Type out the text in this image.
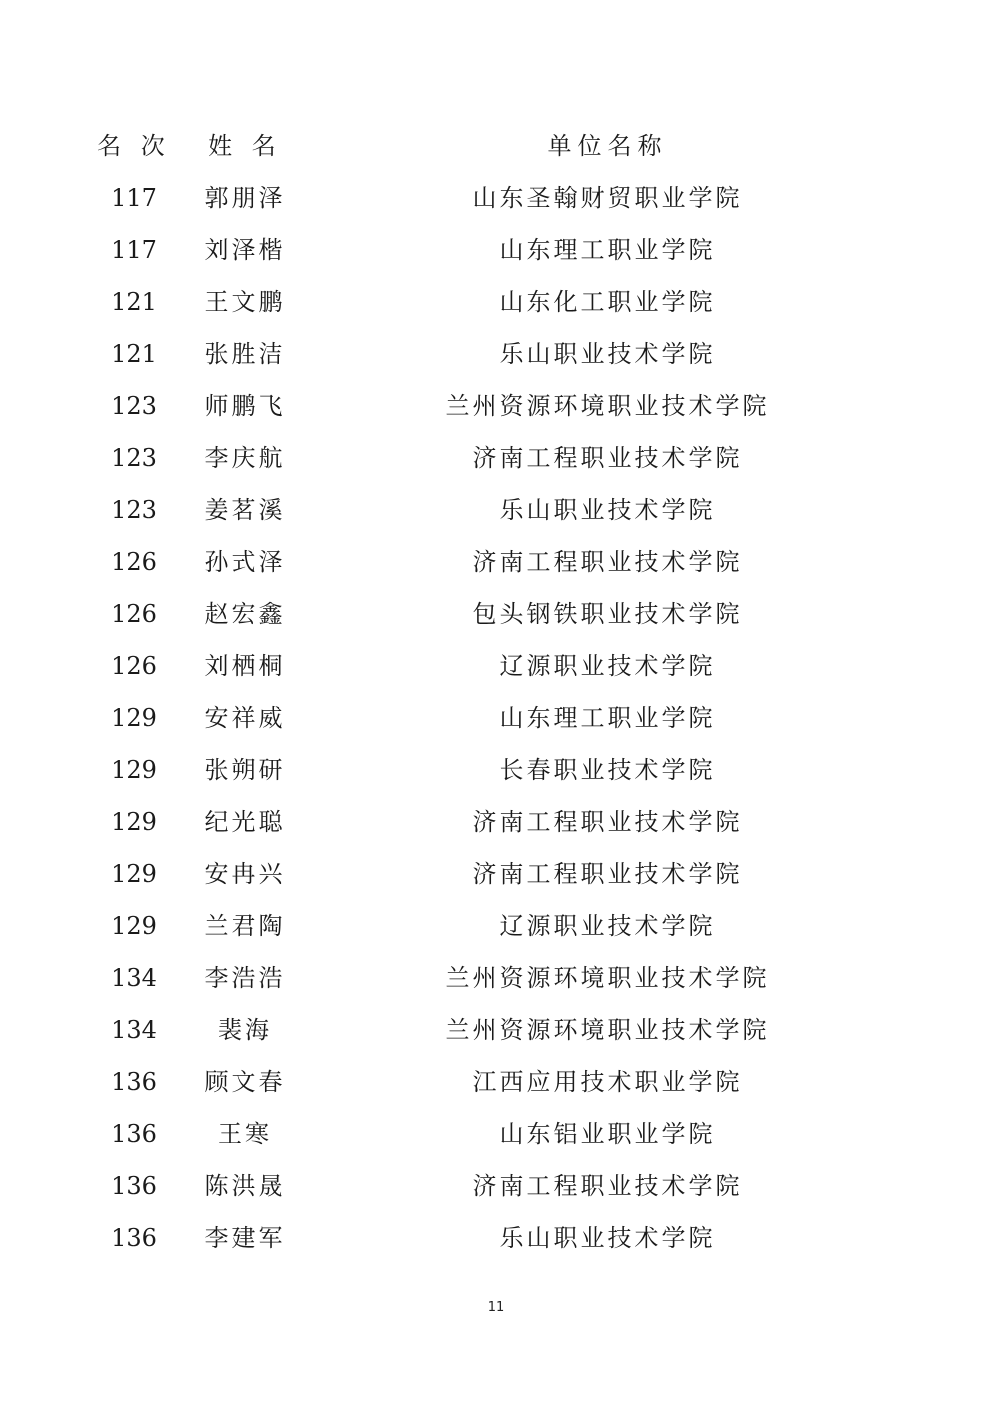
名 次	姓 名	单位名称
117	郭朋泽	山东圣翰财贸职业学院
117	刘泽楷	山东理工职业学院
121	王文鹏	山东化工职业学院
121	张胜洁	乐山职业技术学院
123	师鹏飞	兰州资源环境职业技术学院
123	李庆航	济南工程职业技术学院
123	姜茗溪	乐山职业技术学院
126	孙式泽	济南工程职业技术学院
126	赵宏鑫	包头钢铁职业技术学院
126	刘栖桐	辽源职业技术学院
129	安祥威	山东理工职业学院
129	张朔研	长春职业技术学院
129	纪光聪	济南工程职业技术学院
129	安冉兴	济南工程职业技术学院
129	兰君陶	辽源职业技术学院
134	李浩浩	兰州资源环境职业技术学院
134	裴海	兰州资源环境职业技术学院
136	顾文春	江西应用技术职业学院
136	王寒	山东铝业职业学院
136	陈洪晟	济南工程职业技术学院
136	李建军	乐山职业技术学院
11
